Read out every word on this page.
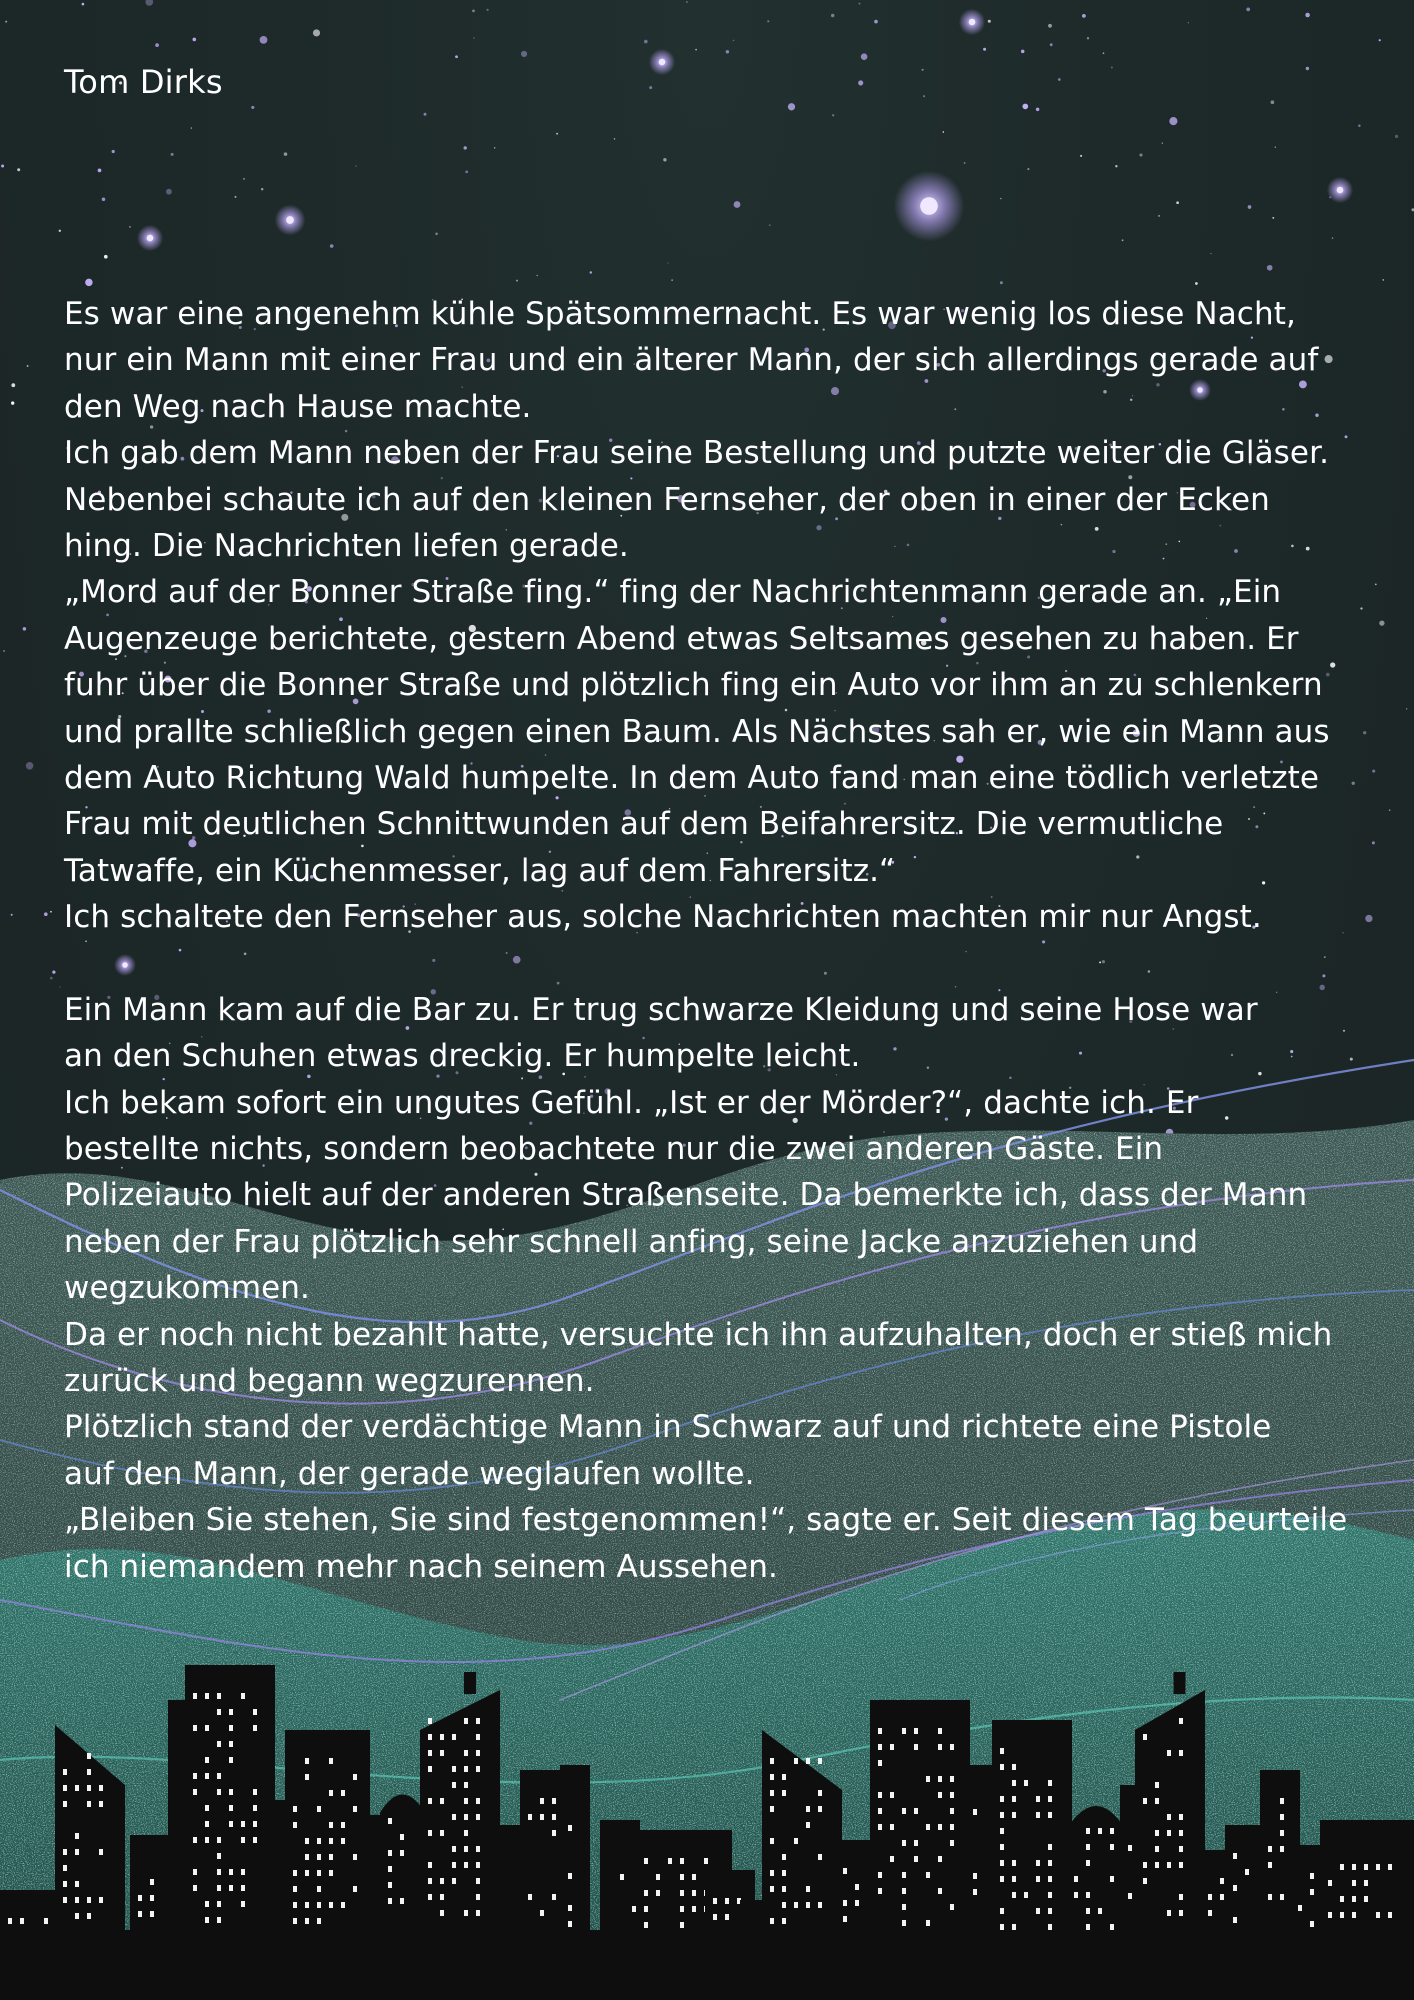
Tom Dirks

Es war eine angenehm kühle Spätsommernacht. Es war wenig los diese Nacht,
nur ein Mann mit einer Frau und ein älterer Mann, der sich allerdings gerade auf
den Weg nach Hause machte.
Ich gab dem Mann neben der Frau seine Bestellung und putzte weiter die Gläser.
Nebenbei schaute ich auf den kleinen Fernseher, der oben in einer der Ecken
hing. Die Nachrichten liefen gerade.
„Mord auf der Bonner Straße fing.“ fing der Nachrichtenmann gerade an. „Ein
Augenzeuge berichtete, gestern Abend etwas Seltsames gesehen zu haben. Er
fuhr über die Bonner Straße und plötzlich fing ein Auto vor ihm an zu schlenkern
und prallte schließlich gegen einen Baum. Als Nächstes sah er, wie ein Mann aus
dem Auto Richtung Wald humpelte. In dem Auto fand man eine tödlich verletzte
Frau mit deutlichen Schnittwunden auf dem Beifahrersitz. Die vermutliche
Tatwaffe, ein Küchenmesser, lag auf dem Fahrersitz.“
Ich schaltete den Fernseher aus, solche Nachrichten machten mir nur Angst.
Ein Mann kam auf die Bar zu. Er trug schwarze Kleidung und seine Hose war
an den Schuhen etwas dreckig. Er humpelte leicht.
Ich bekam sofort ein ungutes Gefühl. „Ist er der Mörder?“, dachte ich. Er
bestellte nichts, sondern beobachtete nur die zwei anderen Gäste. Ein
Polizeiauto hielt auf der anderen Straßenseite. Da bemerkte ich, dass der Mann
neben der Frau plötzlich sehr schnell anfing, seine Jacke anzuziehen und
wegzukommen.
Da er noch nicht bezahlt hatte, versuchte ich ihn aufzuhalten, doch er stieß mich
zurück und begann wegzurennen.
Plötzlich stand der verdächtige Mann in Schwarz auf und richtete eine Pistole
auf den Mann, der gerade weglaufen wollte.
„Bleiben Sie stehen, Sie sind festgenommen!“, sagte er. Seit diesem Tag beurteile
ich niemandem mehr nach seinem Aussehen.
